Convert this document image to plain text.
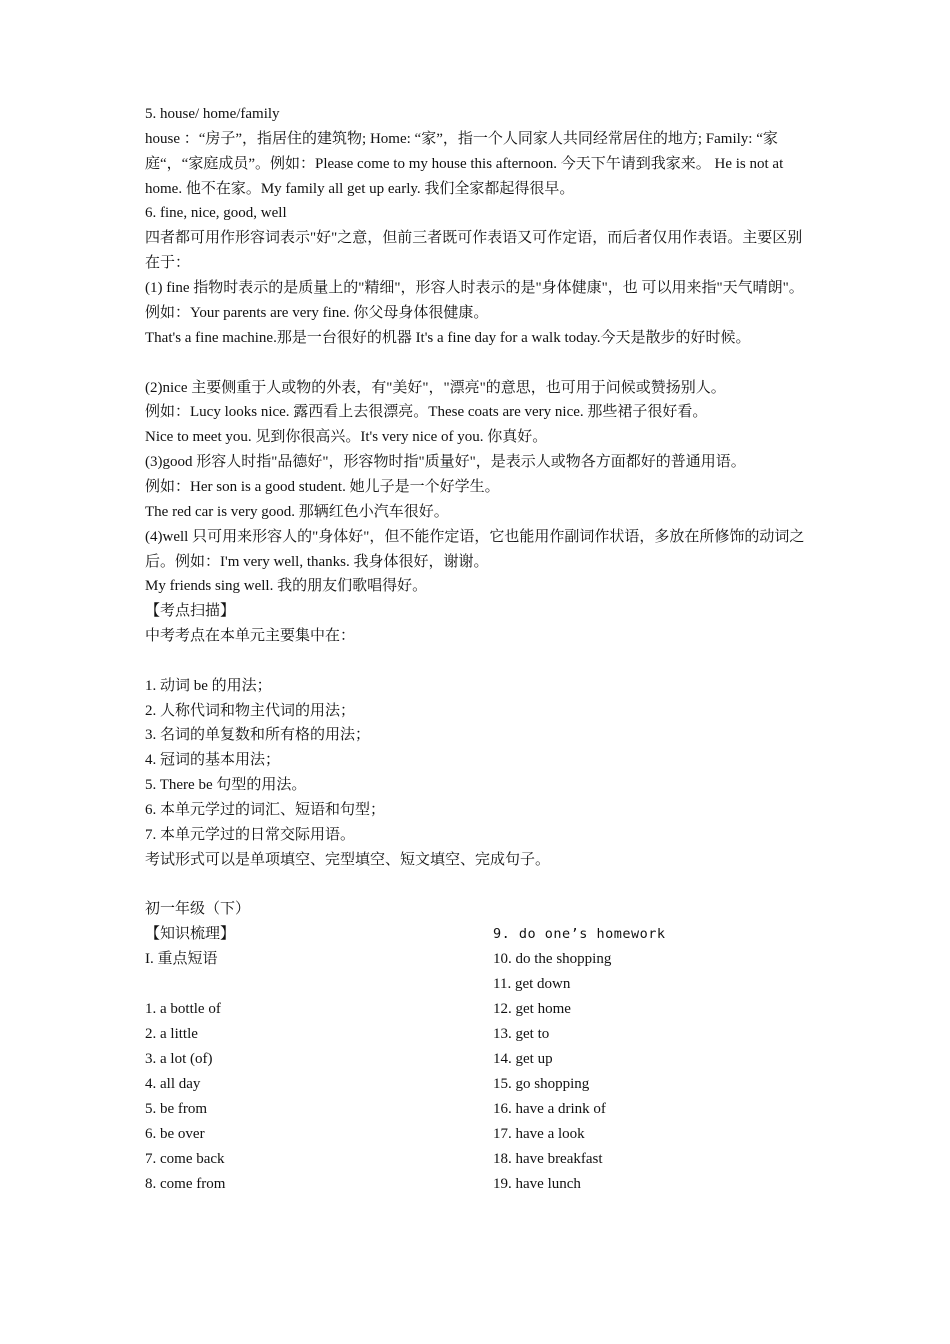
5. house/ home/family
house ：“房子”，指居住的建筑物; Home: “家”，指一个人同家人共同经常居住的地方; Family: “家庭“，“家庭成员”。例如：Please come to my house this afternoon. 今天下午请到我家来。 He is not at home. 他不在家。My family all get up early. 我们全家都起得很早。
6. fine, nice, good, well
四者都可用作形容词表示"好"之意，但前三者既可作表语又可作定语，而后者仅用作表语。主要区别在于：
(1) fine 指物时表示的是质量上的"精细"，形容人时表示的是"身体健康"，也 可以用来指"天气晴朗"。例如：Your parents are very fine. 你父母身体很健康。
That's a fine machine.那是一台很好的机器 It's a fine day for a walk today.今天是散步的好时候。
(2)nice 主要侧重于人或物的外表，有"美好"，"漂亮"的意思，也可用于问候或赞扬别人。
例如：Lucy looks nice. 露西看上去很漂亮。These coats are very nice. 那些裙子很好看。
Nice to meet you. 见到你很高兴。It's very nice of you. 你真好。
(3)good 形容人时指"品德好"，形容物时指"质量好"，是表示人或物各方面都好的普通用语。
例如：Her son is a good student. 她儿子是一个好学生。
The red car is very good. 那辆红色小汽车很好。
(4)well 只可用来形容人的"身体好"，但不能作定语，它也能用作副词作状语，多放在所修饰的动词之后。例如：I'm very well, thanks. 我身体很好，谢谢。
My friends sing well. 我的朋友们歌唱得好。
【考点扫描】
中考考点在本单元主要集中在：
1. 动词 be 的用法；
2. 人称代词和物主代词的用法；
3. 名词的单复数和所有格的用法；
4. 冠词的基本用法；
5. There be 句型的用法。
6. 本单元学过的词汇、短语和句型；
7. 本单元学过的日常交际用语。
考试形式可以是单项填空、完型填空、短文填空、完成句子。
初一年级（下）
【知识梳理】
I. 重点短语
1. a bottle of
2. a little
3. a lot (of)
4. all day
5. be from
6. be over
7. come back
8. come from
9. do one’s homework
10. do the shopping
11. get down
12. get home
13. get to
14. get up
15. go shopping
16. have a drink of
17. have a look
18. have breakfast
19. have lunch
